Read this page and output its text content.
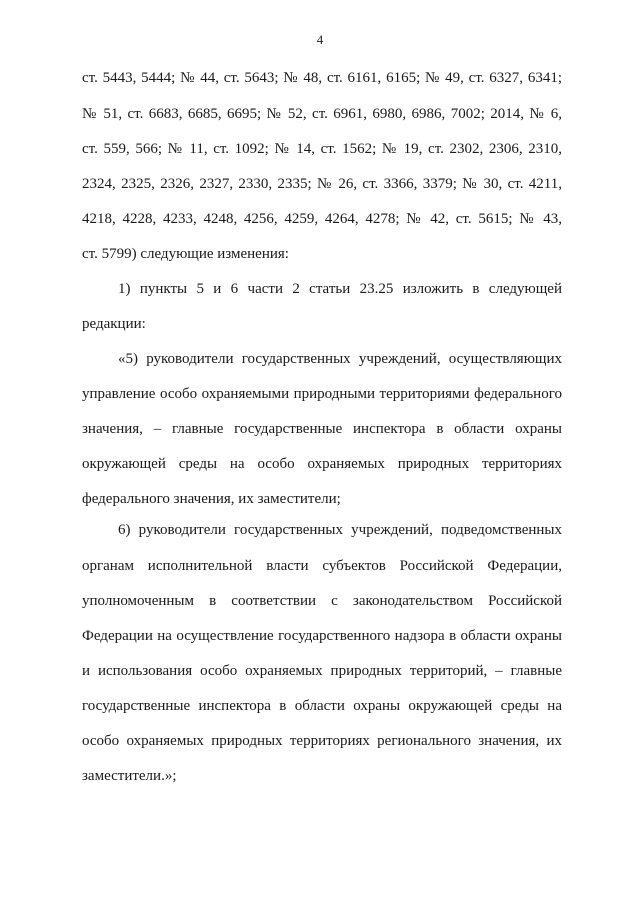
4
ст. 5443, 5444; № 44, ст. 5643; № 48, ст. 6161, 6165; № 49, ст. 6327, 6341;
№ 51, ст. 6683, 6685, 6695; № 52, ст. 6961, 6980, 6986, 7002; 2014, № 6,
ст. 559, 566; № 11, ст. 1092; № 14, ст. 1562; № 19, ст. 2302, 2306, 2310,
2324, 2325, 2326, 2327, 2330, 2335; № 26, ст. 3366, 3379; № 30, ст. 4211,
4218, 4228, 4233, 4248, 4256, 4259, 4264, 4278; № 42, ст. 5615; № 43,
ст. 5799) следующие изменения:
1) пункты 5 и 6 части 2 статьи 23.25 изложить в следующей
редакции:
«5) руководители государственных учреждений, осуществляющих
управление особо охраняемыми природными территориями федерального
значения, – главные государственные инспектора в области охраны
окружающей среды на особо охраняемых природных территориях
федерального значения, их заместители;
6) руководители государственных учреждений, подведомственных
органам исполнительной власти субъектов Российской Федерации,
уполномоченным в соответствии с законодательством Российской
Федерации на осуществление государственного надзора в области охраны
и использования особо охраняемых природных территорий, – главные
государственные инспектора в области охраны окружающей среды на
особо охраняемых природных территориях регионального значения, их
заместители.»;
